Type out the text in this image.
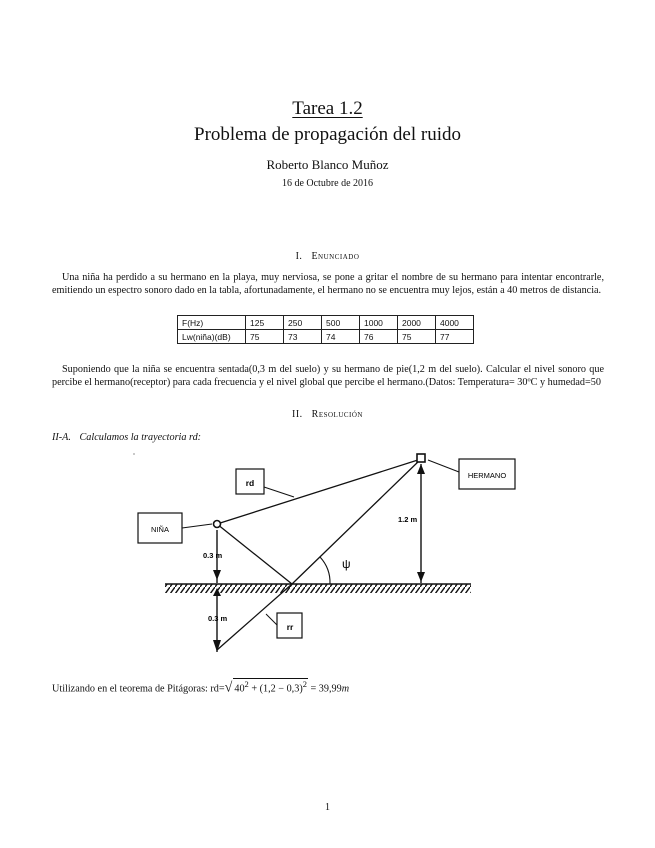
Tarea 1.2
Problema de propagación del ruido
Roberto Blanco Muñoz
16 de Octubre de 2016
I. Enunciado
Una niña ha perdido a su hermano en la playa, muy nerviosa, se pone a gritar el nombre de su hermano para intentar encontrarle, emitiendo un espectro sonoro dado en la tabla, afortunadamente, el hermano no se encuentra muy lejos, están a 40 metros de distancia.
F(Hz)	125	250	500	1000	2000	4000
Lw(niña)(dB)	75	73	74	76	75	77
Suponiendo que la niña se encuentra sentada(0,3 m del suelo) y su hermano de pie(1,2 m del suelo). Calcular el nivel sonoro que percibe el hermano(receptor) para cada frecuencia y el nivel global que percibe el hermano.(Datos: Temperatura= 30ºC y humedad=50
II. Resolución
II-A. Calculamos la trayectoria rd:
ψ
0.3 m
0.3 m
1.2 m
NIÑA
HERMANO
rd
rr
Utilizando en el teorema de Pitágoras: rd=√ $40^2 + (1,2 - 0,3)^2 = 39,99m$
1
